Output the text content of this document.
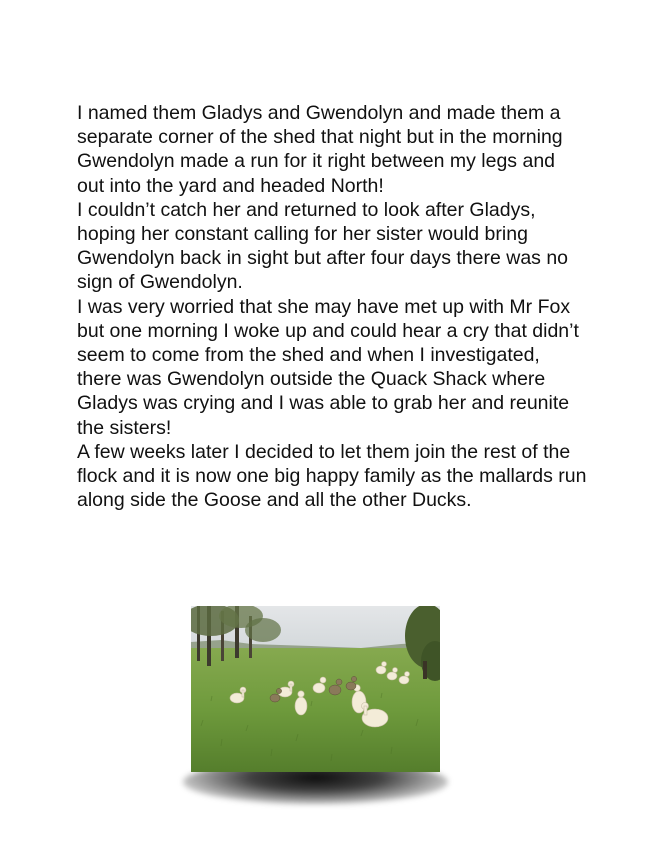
I named them Gladys and Gwendolyn and made them a separate corner of the shed that night but in the morning Gwendolyn made a run for it right between my legs and out into the yard and headed North!

I couldn’t catch her and returned to look after Gladys, hoping her constant calling for her sister would bring Gwendolyn back in sight but after four days there was no sign of Gwendolyn.

I was very worried that she may have met up with Mr Fox but one morning I woke up and could hear a cry that didn’t seem to come from the shed and when I investigated, there was Gwendolyn outside the Quack Shack where Gladys was crying and I was able to grab her and reunite the sisters!

A few weeks later I decided to let them join the rest of the flock and it is now one big happy family as the mallards run along side the Goose and all the other Ducks.
